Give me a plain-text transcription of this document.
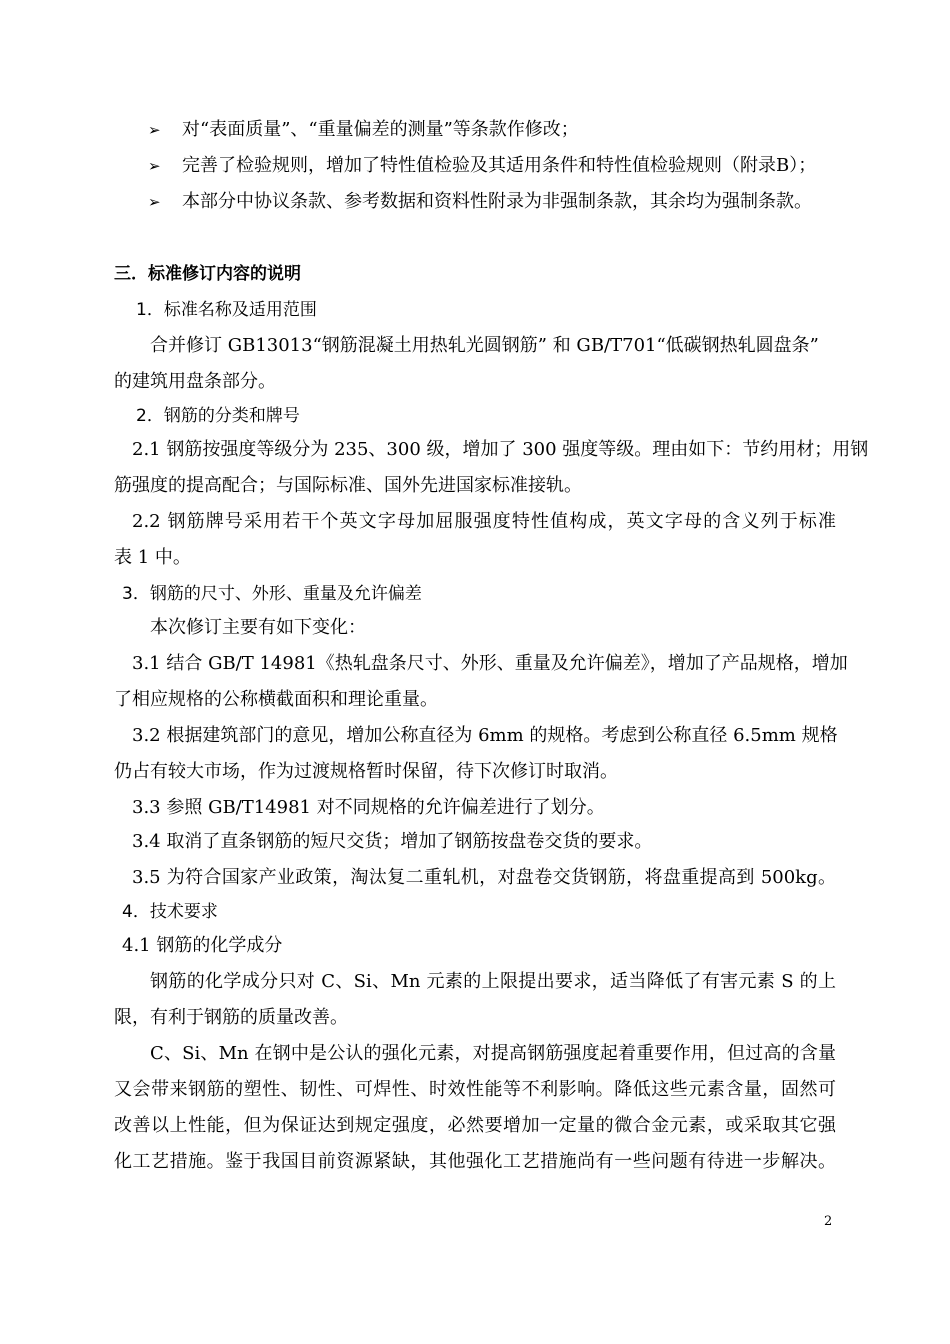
➢ 对“表面质量”、“重量偏差的测量”等条款作修改；
➢ 完善了检验规则，增加了特性值检验及其适用条件和特性值检验规则（附录B）；
➢ 本部分中协议条款、参考数据和资料性附录为非强制条款，其余均为强制条款。
三．标准修订内容的说明
1．标准名称及适用范围
合并修订 GB13013“钢筋混凝土用热轧光圆钢筋” 和 GB/T701“低碳钢热轧圆盘条”
的建筑用盘条部分。
2．钢筋的分类和牌号
2.1 钢筋按强度等级分为 235、300 级，增加了 300 强度等级。理由如下：节约用材；用钢
筋强度的提高配合；与国际标准、国外先进国家标准接轨。
2.2 钢筋牌号采用若干个英文字母加屈服强度特性值构成，英文字母的含义列于标准
表 1 中。
3．钢筋的尺寸、外形、重量及允许偏差
本次修订主要有如下变化：
3.1 结合 GB/T 14981《热轧盘条尺寸、外形、重量及允许偏差》，增加了产品规格，增加
了相应规格的公称横截面积和理论重量。
3.2 根据建筑部门的意见，增加公称直径为 6mm 的规格。考虑到公称直径 6.5mm 规格
仍占有较大市场，作为过渡规格暂时保留，待下次修订时取消。
3.3 参照 GB/T14981 对不同规格的允许偏差进行了划分。
3.4 取消了直条钢筋的短尺交货；增加了钢筋按盘卷交货的要求。
3.5 为符合国家产业政策，淘汰复二重轧机，对盘卷交货钢筋，将盘重提高到 500kg。
4．技术要求
4.1 钢筋的化学成分
钢筋的化学成分只对 C、Si、Mn 元素的上限提出要求，适当降低了有害元素 S 的上
限，有利于钢筋的质量改善。
C、Si、Mn 在钢中是公认的强化元素，对提高钢筋强度起着重要作用，但过高的含量
又会带来钢筋的塑性、韧性、可焊性、时效性能等不利影响。降低这些元素含量，固然可
改善以上性能，但为保证达到规定强度，必然要增加一定量的微合金元素，或采取其它强
化工艺措施。鉴于我国目前资源紧缺，其他强化工艺措施尚有一些问题有待进一步解决。
2
